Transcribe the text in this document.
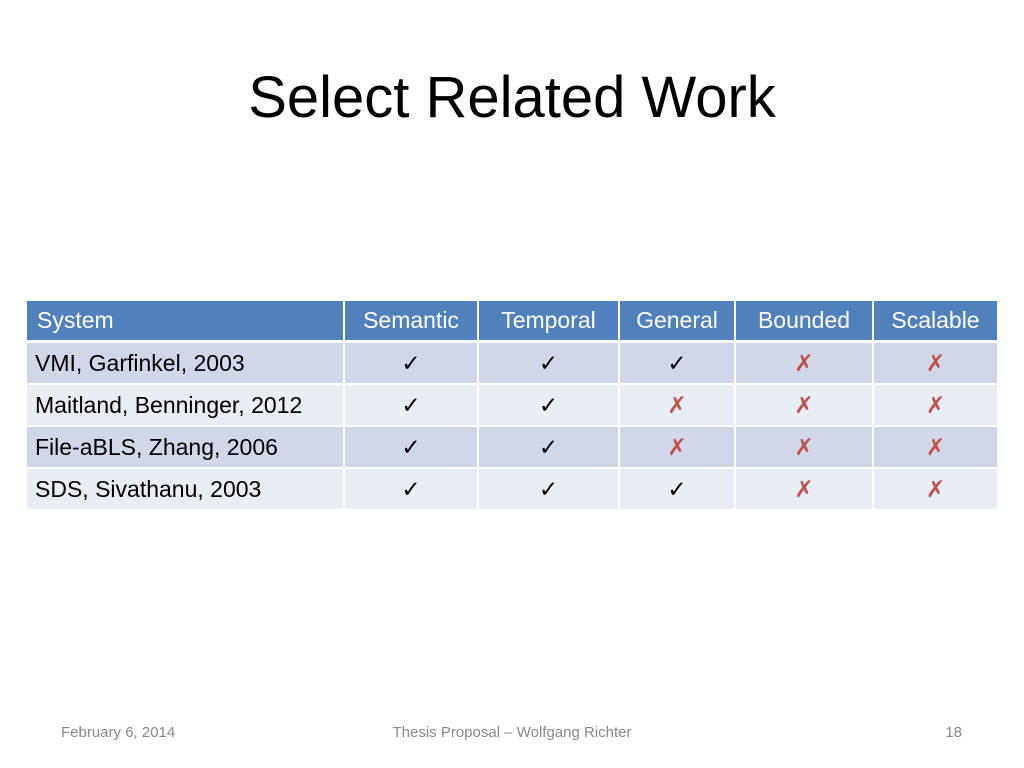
Select Related Work
System	Semantic	Temporal	General	Bounded	Scalable
VMI, Garfinkel, 2003	✓	✓	✓	✗	✗
Maitland, Benninger, 2012	✓	✓	✗	✗	✗
File-aBLS, Zhang, 2006	✓	✓	✗	✗	✗
SDS, Sivathanu, 2003	✓	✓	✓	✗	✗
February 6, 2014	Thesis Proposal – Wolfgang Richter	18
